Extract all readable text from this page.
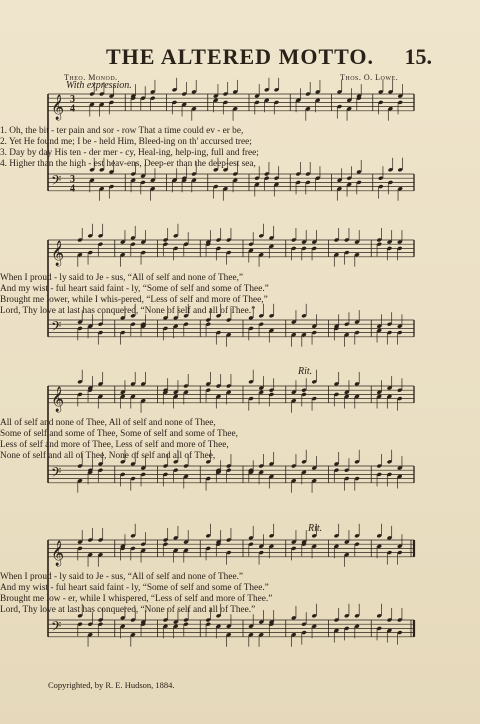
THE ALTERED MOTTO.	15.
Theo. Monod.	Thos. O. Lowe.
With expression.
Rit.
Rit.
𝄞
𝄢
3
4
3
4
𝄞
𝄢
𝄞
𝄢
𝄞
𝄢
1. Oh, the bit - ter pain and sor - row That a time could ev - er be,
2. Yet He found me; I be - held Him, Bleed-ing on th' accursed tree;
3. Day by day His ten - der mer - cy, Heal-ing, help-ing, full and free;
4. Higher than the high - est heav-ens, Deep-er than the deep-est sea,
When I proud - ly said to Je - sus, “All of self and none of Thee,”
And my wist - ful heart said faint - ly, “Some of self and some of Thee.”
Brought me lower, while I whis-pered, “Less of self and more of Thee,”
Lord, Thy love at last has conquered, “None of self and all of Thee.”
All of self and none of Thee, All of self and none of Thee,
Some of self and some of Thee, Some of self and some of Thee,
Less of self and more of Thee, Less of self and more of Thee,
None of self and all of Thee, None of self and all of Thee,
When I proud - ly said to Je - sus, “All of self and none of Thee.”
And my wist - ful heart said faint - ly, “Some of self and some of Thee.”
Brought me low - er, while I whispered, “Less of self and more of Thee.”
Lord, Thy love at last has conquered, “None of self and all of Thee.”
Copyrighted, by R. E. Hudson, 1884.
